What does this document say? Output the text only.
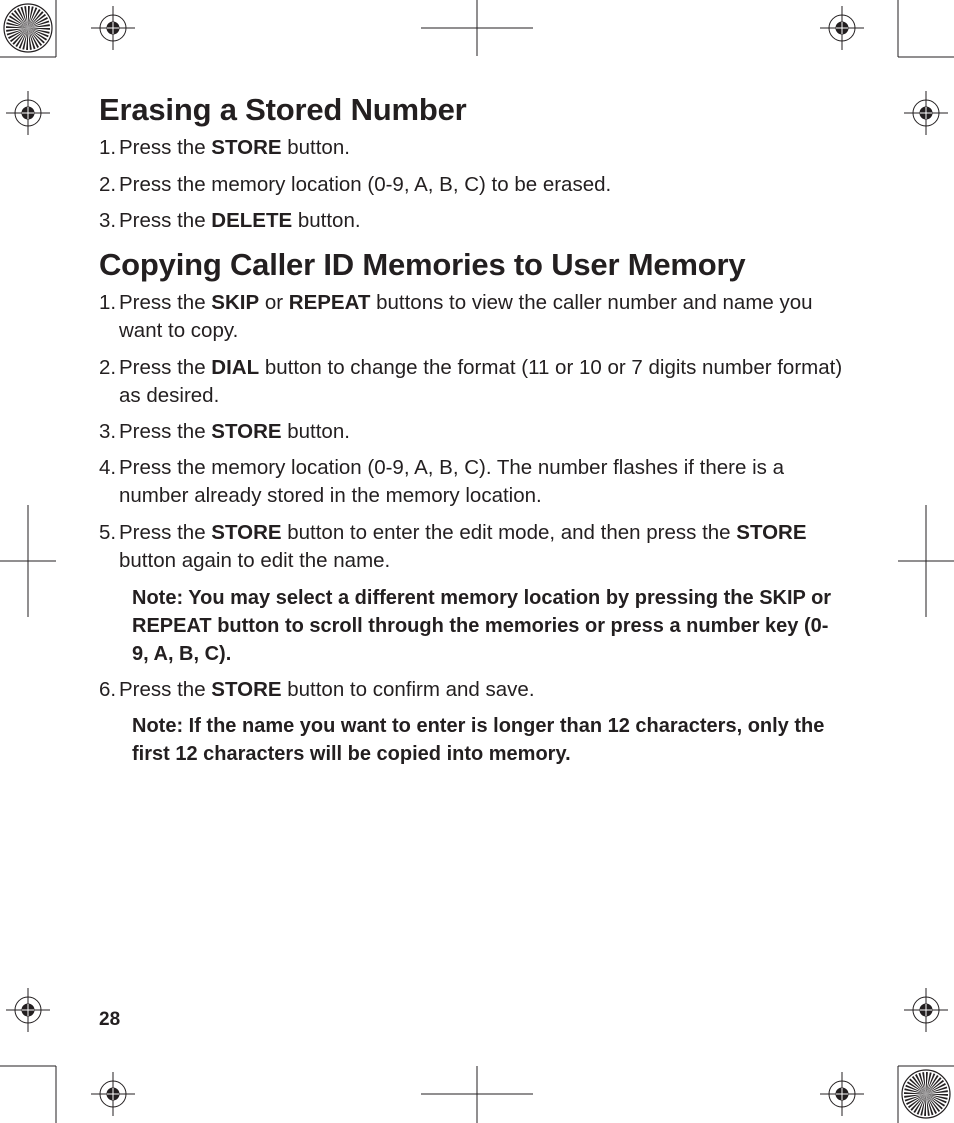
Erasing a Stored Number
1. Press the STORE button.
2. Press the memory location (0-9, A, B, C) to be erased.
3. Press the DELETE button.
Copying Caller ID Memories to User Memory
1. Press the SKIP or REPEAT buttons to view the caller number and name you want to copy.
2. Press the DIAL button to change the format (11 or 10 or 7 digits number format) as desired.
3. Press the STORE button.
4. Press the memory location (0-9, A, B, C). The number flashes if there is a number already stored in the memory location.
5. Press the STORE button to enter the edit mode, and then press the STORE button again to edit the name.
Note: You may select a different memory location by pressing the SKIP or REPEAT button to scroll through the memories or press a number key (0-9, A, B, C).
6. Press the STORE button to confirm and save.
Note: If the name you want to enter is longer than 12 characters, only the first 12 characters will be copied into memory.
28
